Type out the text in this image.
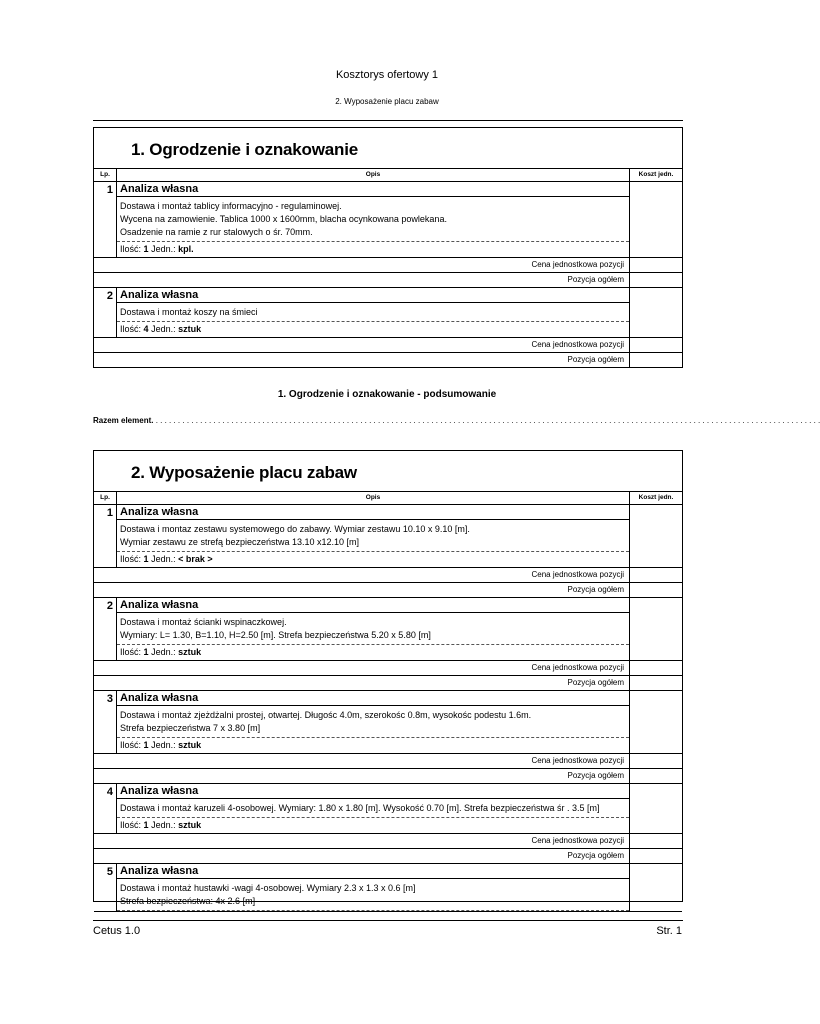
Kosztorys ofertowy 1
2. Wyposażenie placu zabaw
1. Ogrodzenie i oznakowanie
Lp.	Opis	Koszt jedn.
1 Analiza własna
Dostawa i montaż tablicy informacyjno - regulaminowej.
Wycena na zamowienie. Tablica 1000 x 1600mm, blacha ocynkowana powlekana.
Osadzenie na ramie z rur stalowych o śr. 70mm.
Ilość: 1 Jedn.: kpl.
Cena jednostkowa pozycji
Pozycja ogółem
2 Analiza własna
Dostawa i montaż koszy na śmieci
Ilość: 4 Jedn.: sztuk
Cena jednostkowa pozycji
Pozycja ogółem
1. Ogrodzenie i oznakowanie - podsumowanie
Razem element. . . . . . . . . . . . . . . . . . . . . . . . . . . . . . . . . . . . . . . . . . . . . . . . . . . . . . . . . . . . . . . . . . . . . . . . . . . . . . . . . . . . . . . . . . . . . . . . . . . . . . . . . . . . . . . . . . . . . . . . . . . . . . . . . . . . . . . . . . . . . . . . . . . . . . .
2. Wyposażenie placu zabaw
Lp.	Opis	Koszt jedn.
1 Analiza własna
Dostawa i montaz zestawu systemowego do zabawy. Wymiar zestawu 10.10 x 9.10 [m].
Wymiar zestawu ze strefą bezpieczeństwa 13.10 x12.10 [m]
Ilość: 1 Jedn.: < brak >
Cena jednostkowa pozycji
Pozycja ogółem
2 Analiza własna
Dostawa i montaż ścianki wspinaczkowej.
Wymiary: L= 1.30, B=1.10, H=2.50 [m]. Strefa bezpieczeństwa 5.20 x 5.80 [m]
Ilość: 1 Jedn.: sztuk
Cena jednostkowa pozycji
Pozycja ogółem
3 Analiza własna
Dostawa i montaż zjeżdżalni prostej, otwartej. Długośc 4.0m, szerokośc 0.8m, wysokośc podestu 1.6m.
Strefa bezpieczeństwa 7 x 3.80 [m]
Ilość: 1 Jedn.: sztuk
Cena jednostkowa pozycji
Pozycja ogółem
4 Analiza własna
Dostawa i montaż karuzeli 4-osobowej. Wymiary: 1.80 x 1.80 [m]. Wysokość 0.70 [m]. Strefa bezpieczeństwa śr . 3.5 [m]
Ilość: 1 Jedn.: sztuk
Cena jednostkowa pozycji
Pozycja ogółem
5 Analiza własna
Dostawa i montaż hustawki -wagi 4-osobowej. Wymiary 2.3 x 1.3 x 0.6 [m]
Strefa bezpieczeństwa: 4x 2.6 [m]
Cetus 1.0	Str. 1
